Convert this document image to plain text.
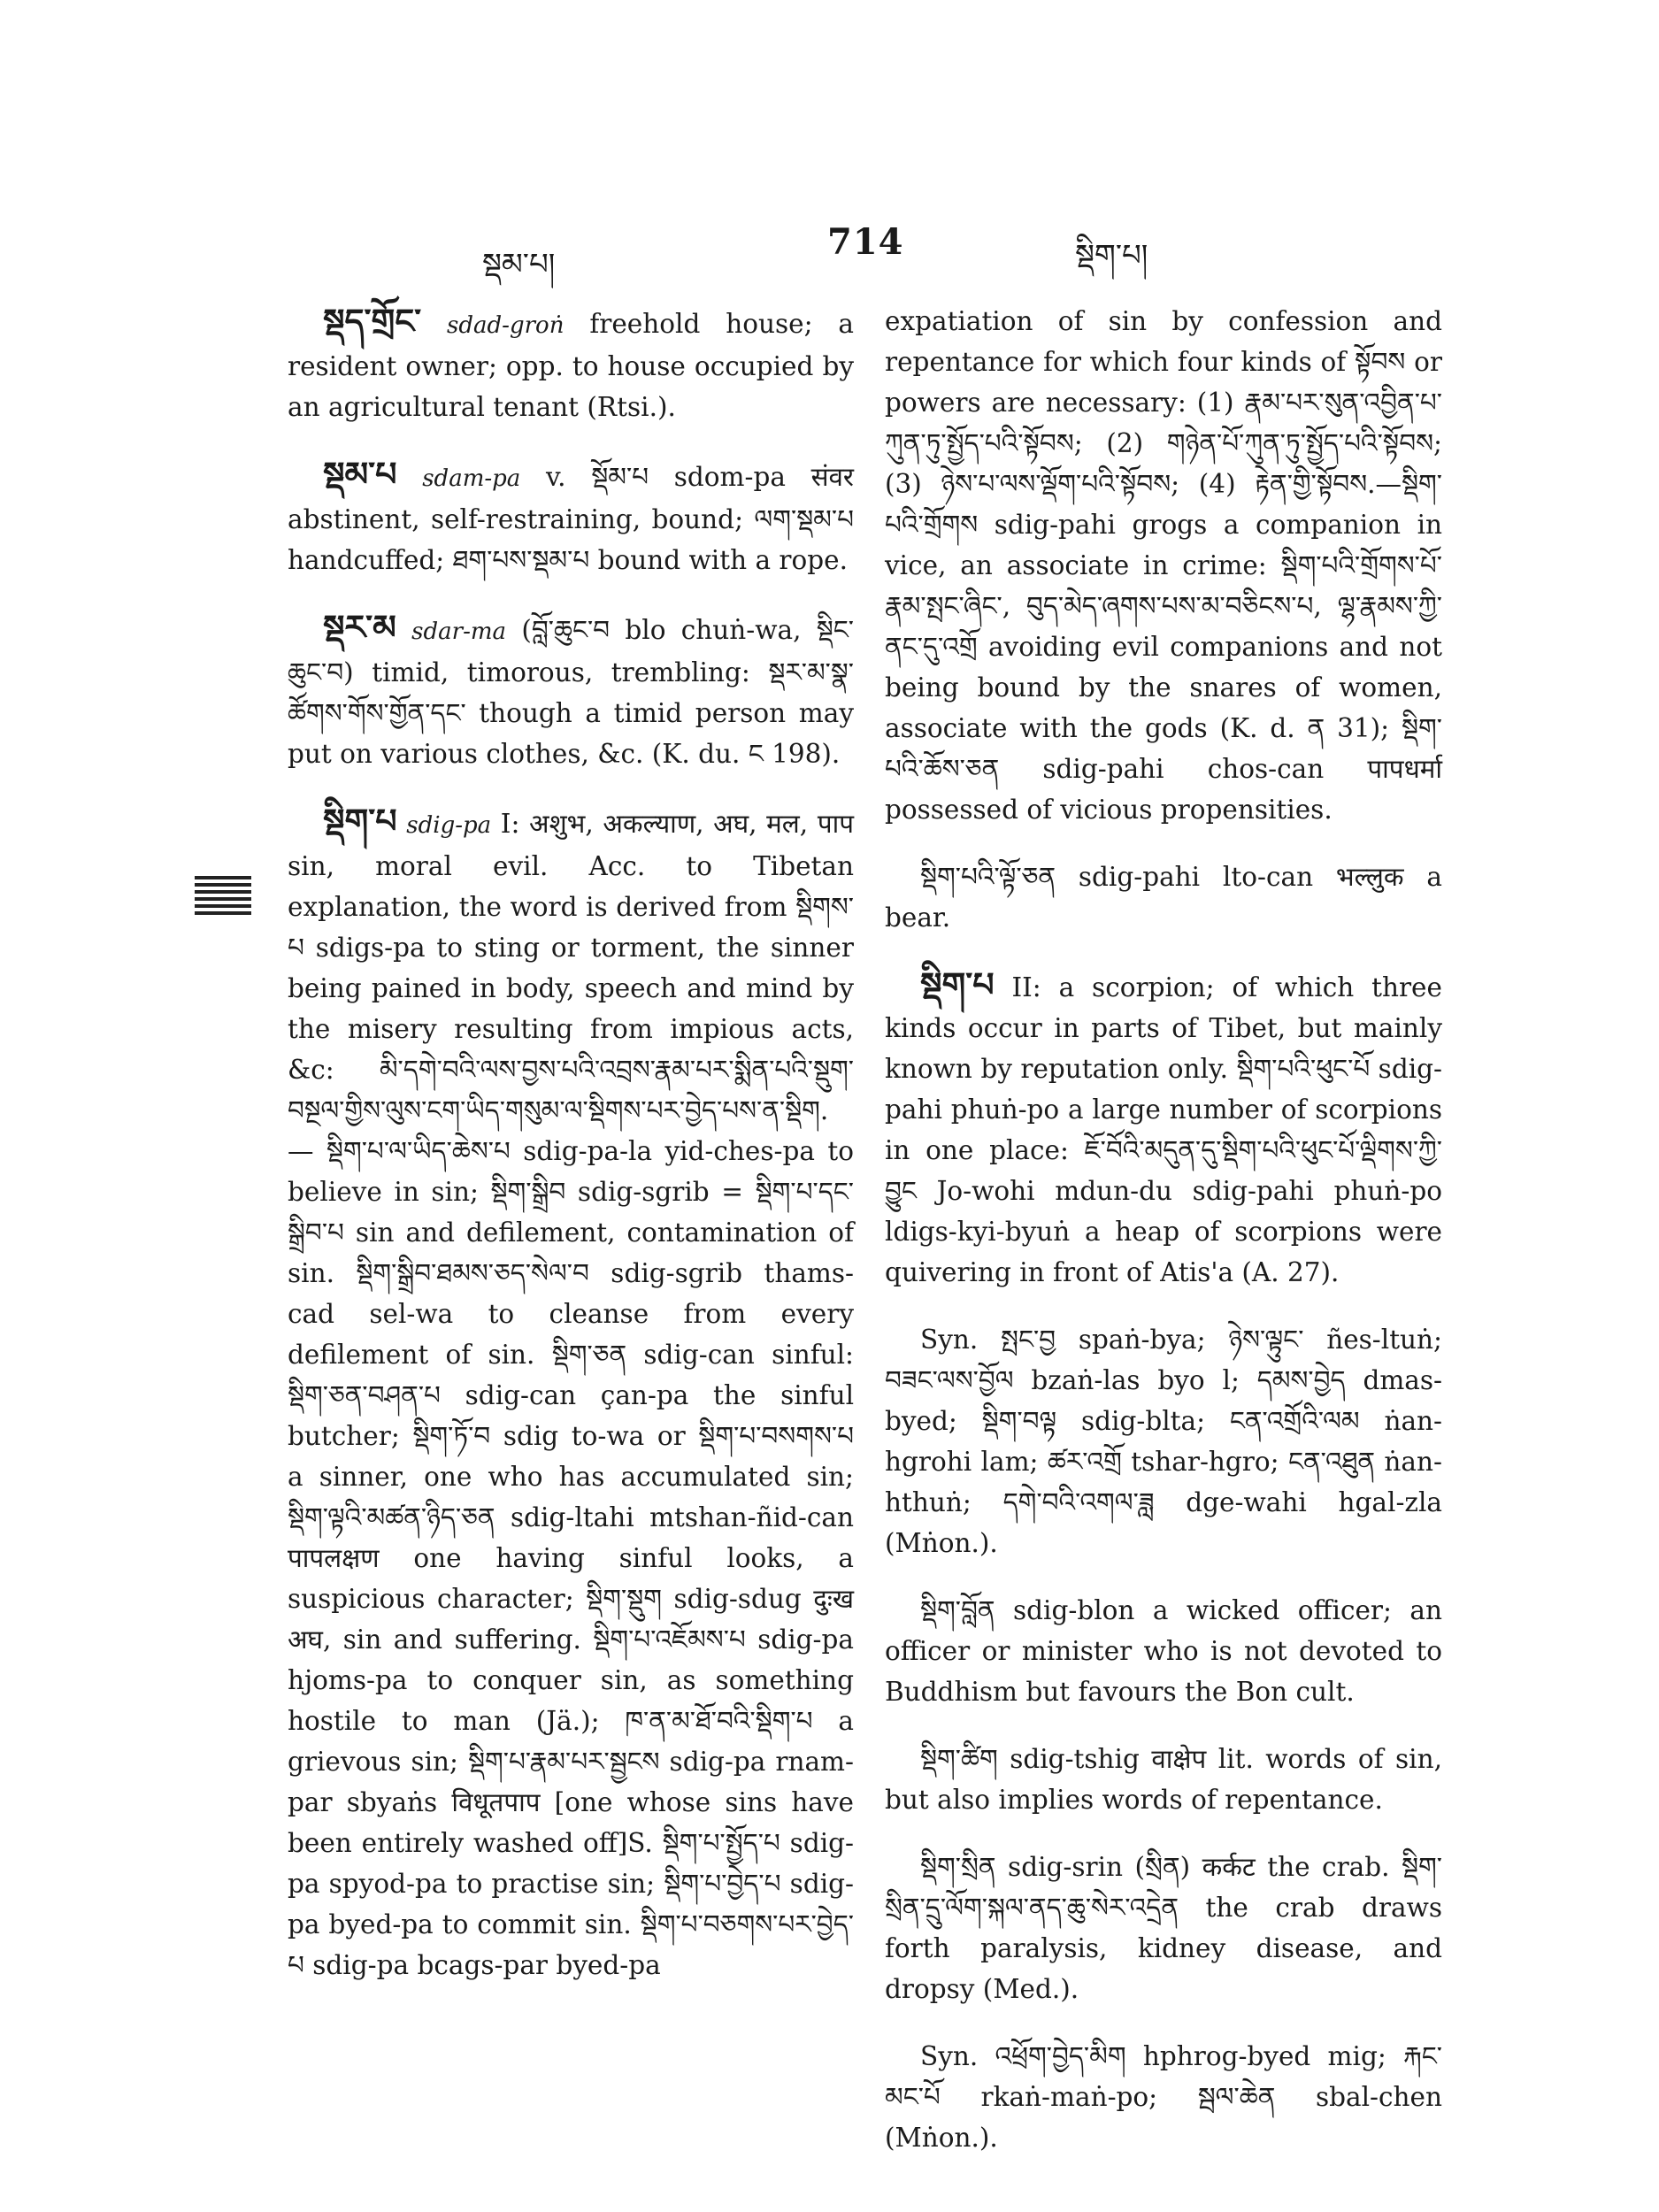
སྡམ་པ།
714	སྡིག་པ།

སྡད་གྲོང་ sdad-groṅ freehold house; a resident owner; opp. to house occupied by an agricultural tenant (Rtsi.).

སྡམ་པ sdam-pa v. སྡོམ་པ sdom-pa संवर abstinent, self-restraining, bound; ལག་སྡམ་པ handcuffed; ཐག་པས་སྡམ་པ bound with a rope.

སྡར་མ sdar-ma (བློ་ཆུང་བ blo chuṅ-wa, སྡིང་ཆུང་བ) timid, timorous, trembling: སྡར་མ་སྣ་ཚོགས་གོས་གྱོན་དང་ though a timid person may put on various clothes, &c. (K. du. ང 198).

སྡིག་པ sdig-pa I: अशुभ, अकल्याण, अघ, मल, पाप sin, moral evil. Acc. to Tibetan explanation, the word is derived from སྡིགས་པ sdigs-pa to sting or torment, the sinner being pained in body, speech and mind by the misery resulting from impious acts, &c: མི་དགེ་བའི་ལས་བྱས་པའི་འབྲས་རྣམ་པར་སྨིན་པའི་སྡུག་བསྔལ་གྱིས་ལུས་ངག་ཡིད་གསུམ་ལ་སྡིགས་པར་བྱེད་པས་ན་སྡིག.— སྡིག་པ་ལ་ཡིད་ཆེས་པ sdig-pa-la yid-ches-pa to believe in sin; སྡིག་སྒྲིབ sdig-sgrib = སྡིག་པ་དང་སྒྲིབ་པ sin and defilement, contamination of sin. སྡིག་སྒྲིབ་ཐམས་ཅད་སེལ་བ sdig-sgrib thams-cad sel-wa to cleanse from every defilement of sin. སྡིག་ཅན sdig-can sinful: སྡིག་ཅན་བཤན་པ sdig-can çan-pa the sinful butcher; སྡིག་ཏོ་བ sdig to-wa or སྡིག་པ་བསགས་པ a sinner, one who has accumulated sin; སྡིག་ལྟའི་མཚན་ཉིད་ཅན sdig-ltahi mtshan-ñid-can पापलक्षण one having sinful looks, a suspicious character; སྡིག་སྡུག sdig-sdug दुःख अघ, sin and suffering. སྡིག་པ་འཇོམས་པ sdig-pa hjoms-pa to conquer sin, as something hostile to man (Jä.); ཁ་ན་མ་ཐོ་བའི་སྡིག་པ a grievous sin; སྡིག་པ་རྣམ་པར་སྦྱངས sdig-pa rnam-par sbyaṅs विधूतपाप [one whose sins have been entirely washed off]S. སྡིག་པ་སྤྱོད་པ sdig-pa spyod-pa to practise sin; སྡིག་པ་བྱེད་པ sdig-pa byed-pa to commit sin. སྡིག་པ་བཅགས་པར་བྱེད་པ sdig-pa bcags-par byed-pa

expatiation of sin by confession and repentance for which four kinds of སྟོབས or powers are necessary: (1) རྣམ་པར་སུན་འབྱིན་པ་ཀུན་ཏུ་སྤྱོད་པའི་སྟོབས; (2) གཉེན་པོ་ཀུན་ཏུ་སྤྱོད་པའི་སྟོབས; (3) ཉེས་པ་ལས་ལྡོག་པའི་སྟོབས; (4) རྟེན་གྱི་སྟོབས.—སྡིག་པའི་གྲོགས sdig-pahi grogs a companion in vice, an associate in crime: སྡིག་པའི་གྲོགས་པོ་རྣམ་སྤང་ཞིང་, བུད་མེད་ཞགས་པས་མ་བཅིངས་པ, ལྷ་རྣམས་ཀྱི་ནང་དུ་འགྲོ avoiding evil companions and not being bound by the snares of women, associate with the gods (K. d. ན 31); སྡིག་པའི་ཆོས་ཅན sdig-pahi chos-can पापधर्मा possessed of vicious propensities.

སྡིག་པའི་ལྟོ་ཅན sdig-pahi lto-can भल्लुक a bear.

སྡིག་པ II: a scorpion; of which three kinds occur in parts of Tibet, but mainly known by reputation only. སྡིག་པའི་ཕུང་པོ sdig-pahi phuṅ-po a large number of scorpions in one place: ཇོ་བོའི་མདུན་དུ་སྡིག་པའི་ཕུང་པོ་ལྡིགས་ཀྱི་བྱུང Jo-wohi mdun-du sdig-pahi phuṅ-po ldigs-kyi-byuṅ a heap of scorpions were quivering in front of Atis'a (A. 27).

Syn. སྤང་བྱ spaṅ-bya; ཉེས་ལྟུང་ ñes-ltuṅ; བཟང་ལས་བྱོལ bzaṅ-las byo l; དམས་བྱེད dmas-byed; སྡིག་བལྟ sdig-blta; ངན་འགྲོའི་ལམ ṅan-hgrohi lam; ཚར་འགྲོ tshar-hgro; ངན་འཐུན ṅan-hthuṅ; དགེ་བའི་འགལ་ཟླ dge-wahi hgal-zla (Mṅon.).

སྡིག་བློན sdig-blon a wicked officer; an officer or minister who is not devoted to Buddhism but favours the Bon cult.

སྡིག་ཚིག sdig-tshig वाक्षेप lit. words of sin, but also implies words of repentance.

སྡིག་སྲིན sdig-srin (སྲིན) कर्कट the crab. སྡིག་སྲིན་དྲུ་ལོག་སྐལ་ནད་ཆུ་སེར་འདྲེན the crab draws forth paralysis, kidney disease, and dropsy (Med.).

Syn. འཕྲོག་བྱེད་མིག hphrog-byed mig; རྐང་མང་པོ rkaṅ-maṅ-po; སྦལ་ཆེན sbal-chen (Mṅon.).
